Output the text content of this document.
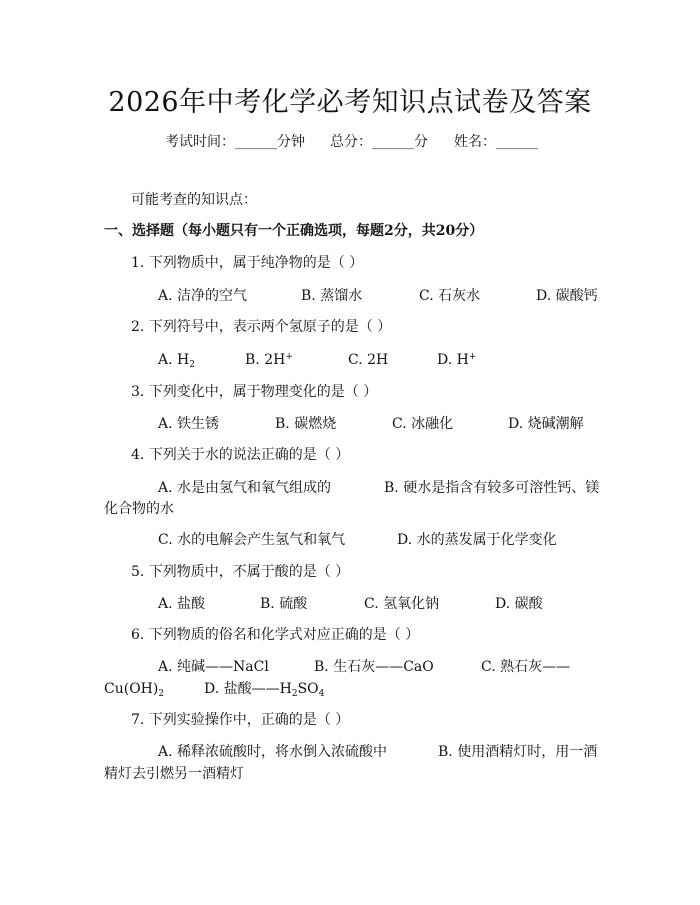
2026年中考化学必考知识点试卷及答案
考试时间：______分钟 总分：______分 姓名：______
可能考查的知识点：
一、选择题（每小题只有一个正确选项，每题2分，共20分）
1. 下列物质中，属于纯净物的是（ ）
A. 洁净的空气	B. 蒸馏水	C. 石灰水	D. 碳酸钙
2. 下列符号中，表示两个氢原子的是（ ）
A. $H_2$	B. 2H+	C. 2H	D. H+
3. 下列变化中，属于物理变化的是（ ）
A. 铁生锈	B. 碳燃烧	C. 冰融化	D. 烧碱潮解
4. 下列关于水的说法正确的是（ ）
A. 水是由氢气和氧气组成的	B. 硬水是指含有较多可溶性钙、镁
化合物的水
C. 水的电解会产生氢气和氧气	D. 水的蒸发属于化学变化
5. 下列物质中，不属于酸的是（ ）
A. 盐酸	B. 硫酸	C. 氢氧化钠	D. 碳酸
6. 下列物质的俗名和化学式对应正确的是（ ）
A. 纯碱——NaCl	B. 生石灰——CaO	C. 熟石灰——
$Cu(OH)_2$	D. 盐酸$——H_2SO_4$
7. 下列实验操作中，正确的是（ ）
A. 稀释浓硫酸时，将水倒入浓硫酸中	B. 使用酒精灯时，用一酒
精灯去引燃另一酒精灯
